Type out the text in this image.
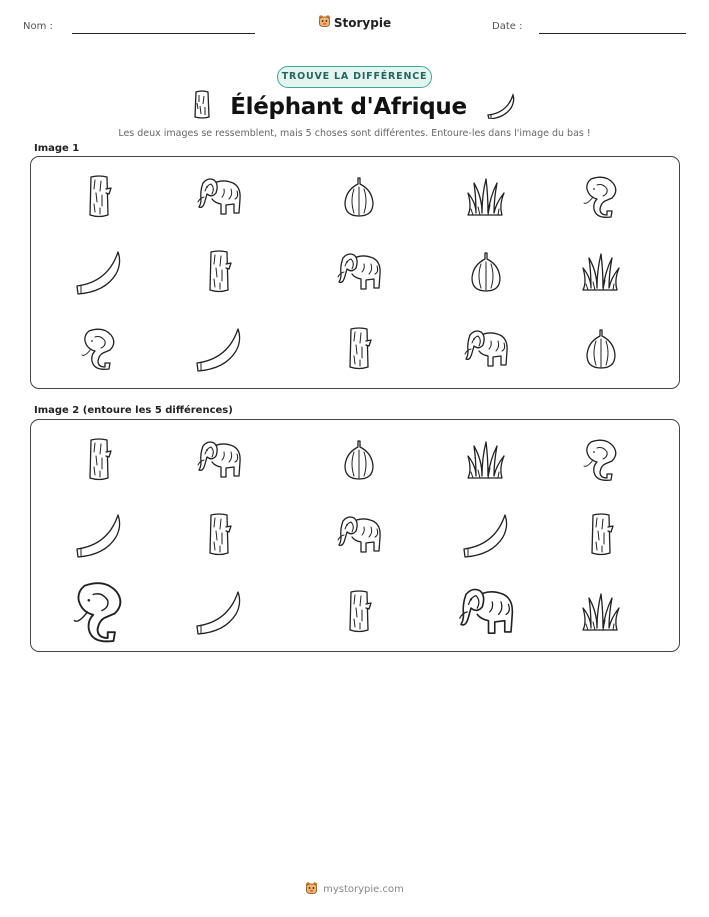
Nom :	Storypie	Date :
TROUVE LA DIFFÉRENCE
Éléphant d'Afrique
Les deux images se ressemblent, mais 5 choses sont différentes. Entoure-les dans l'image du bas !
Image 1
Image 2 (entoure les 5 différences)
mystorypie.com
